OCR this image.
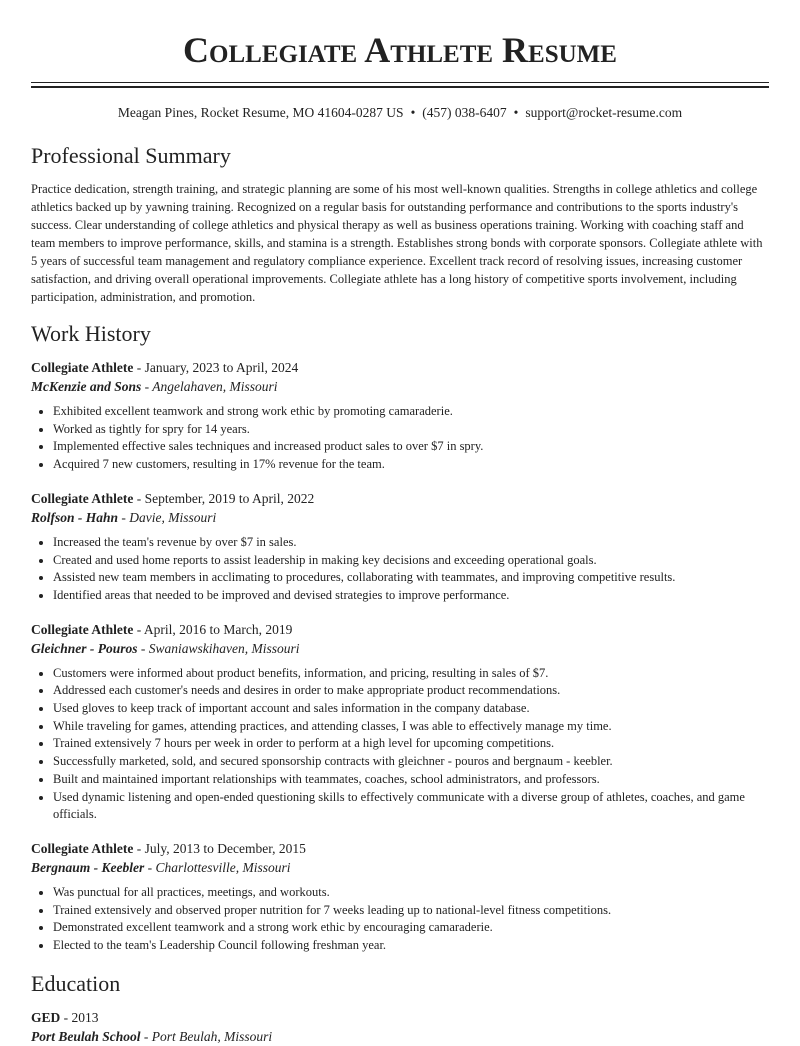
Collegiate Athlete Resume
Meagan Pines, Rocket Resume, MO 41604-0287 US • (457) 038-6407 • support@rocket-resume.com
Professional Summary

Practice dedication, strength training, and strategic planning are some of his most well-known qualities. Strengths in college athletics and college athletics backed up by yawning training. Recognized on a regular basis for outstanding performance and contributions to the sports industry's success. Clear understanding of college athletics and physical therapy as well as business operations training. Working with coaching staff and team members to improve performance, skills, and stamina is a strength. Establishes strong bonds with corporate sponsors. Collegiate athlete with 5 years of successful team management and regulatory compliance experience. Excellent track record of resolving issues, increasing customer satisfaction, and driving overall operational improvements. Collegiate athlete has a long history of competitive sports involvement, including participation, administration, and promotion.

Work History

Collegiate Athlete - January, 2023 to April, 2024

McKenzie and Sons - Angelahaven, Missouri

• Exhibited excellent teamwork and strong work ethic by promoting camaraderie.
• Worked as tightly for spry for 14 years.
• Implemented effective sales techniques and increased product sales to over $7 in spry.
• Acquired 7 new customers, resulting in 17% revenue for the team.

Collegiate Athlete - September, 2019 to April, 2022

Rolfson - Hahn - Davie, Missouri

• Increased the team's revenue by over $7 in sales.
• Created and used home reports to assist leadership in making key decisions and exceeding operational goals.
• Assisted new team members in acclimating to procedures, collaborating with teammates, and improving competitive results.
• Identified areas that needed to be improved and devised strategies to improve performance.

Collegiate Athlete - April, 2016 to March, 2019

Gleichner - Pouros - Swaniawskihaven, Missouri

• Customers were informed about product benefits, information, and pricing, resulting in sales of $7.
• Addressed each customer's needs and desires in order to make appropriate product recommendations.
• Used gloves to keep track of important account and sales information in the company database.
• While traveling for games, attending practices, and attending classes, I was able to effectively manage my time.
• Trained extensively 7 hours per week in order to perform at a high level for upcoming competitions.
• Successfully marketed, sold, and secured sponsorship contracts with gleichner - pouros and bergnaum - keebler.
• Built and maintained important relationships with teammates, coaches, school administrators, and professors.
• Used dynamic listening and open-ended questioning skills to effectively communicate with a diverse group of athletes, coaches, and game officials.

Collegiate Athlete - July, 2013 to December, 2015

Bergnaum - Keebler - Charlottesville, Missouri

• Was punctual for all practices, meetings, and workouts.
• Trained extensively and observed proper nutrition for 7 weeks leading up to national-level fitness competitions.
• Demonstrated excellent teamwork and a strong work ethic by encouraging camaraderie.
• Elected to the team's Leadership Council following freshman year.
Education

GED - 2013

Port Beulah School - Port Beulah, Missouri
